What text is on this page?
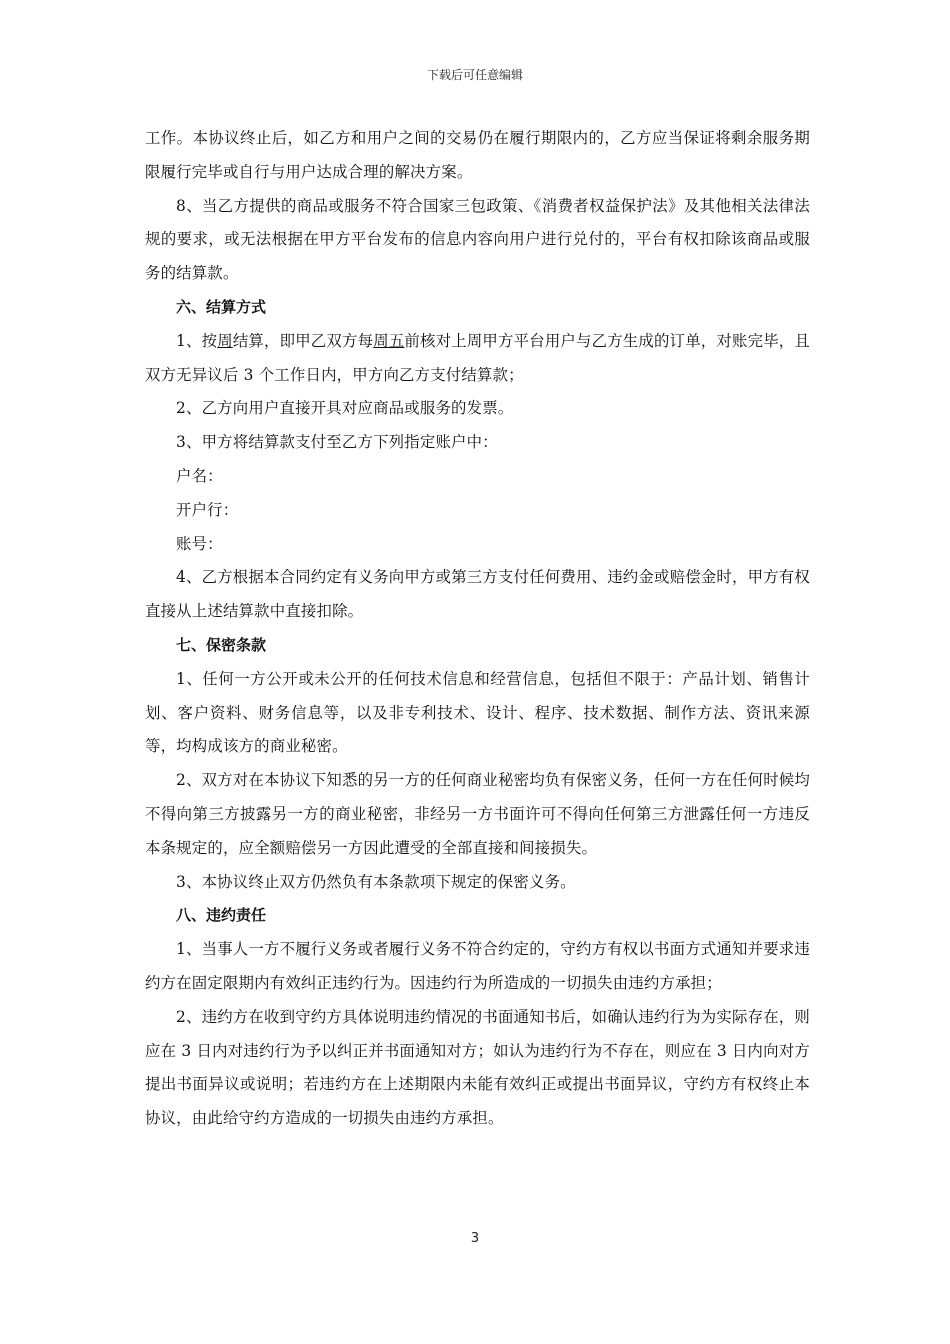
下载后可任意编辑

工作。本协议终止后，如乙方和用户之间的交易仍在履行期限内的，乙方应当保证将剩余服务期限履行完毕或自行与用户达成合理的解决方案。

8、当乙方提供的商品或服务不符合国家三包政策、《消费者权益保护法》及其他相关法律法规的要求，或无法根据在甲方平台发布的信息内容向用户进行兑付的，平台有权扣除该商品或服务的结算款。

六、结算方式

1、按周结算，即甲乙双方每周五前核对上周甲方平台用户与乙方生成的订单，对账完毕，且双方无异议后 3 个工作日内，甲方向乙方支付结算款；

2、乙方向用户直接开具对应商品或服务的发票。

3、甲方将结算款支付至乙方下列指定账户中：

户名：

开户行：

账号：

4、乙方根据本合同约定有义务向甲方或第三方支付任何费用、违约金或赔偿金时，甲方有权直接从上述结算款中直接扣除。

七、保密条款

1、任何一方公开或未公开的任何技术信息和经营信息，包括但不限于：产品计划、销售计划、客户资料、财务信息等，以及非专利技术、设计、程序、技术数据、制作方法、资讯来源等，均构成该方的商业秘密。

2、双方对在本协议下知悉的另一方的任何商业秘密均负有保密义务，任何一方在任何时候均不得向第三方披露另一方的商业秘密，非经另一方书面许可不得向任何第三方泄露任何一方违反本条规定的，应全额赔偿另一方因此遭受的全部直接和间接损失。

3、本协议终止双方仍然负有本条款项下规定的保密义务。

八、违约责任

1、当事人一方不履行义务或者履行义务不符合约定的，守约方有权以书面方式通知并要求违约方在固定限期内有效纠正违约行为。因违约行为所造成的一切损失由违约方承担；

2、违约方在收到守约方具体说明违约情况的书面通知书后，如确认违约行为为实际存在，则应在 3 日内对违约行为予以纠正并书面通知对方；如认为违约行为不存在，则应在 3 日内向对方提出书面异议或说明；若违约方在上述期限内未能有效纠正或提出书面异议，守约方有权终止本协议，由此给守约方造成的一切损失由违约方承担。

3
